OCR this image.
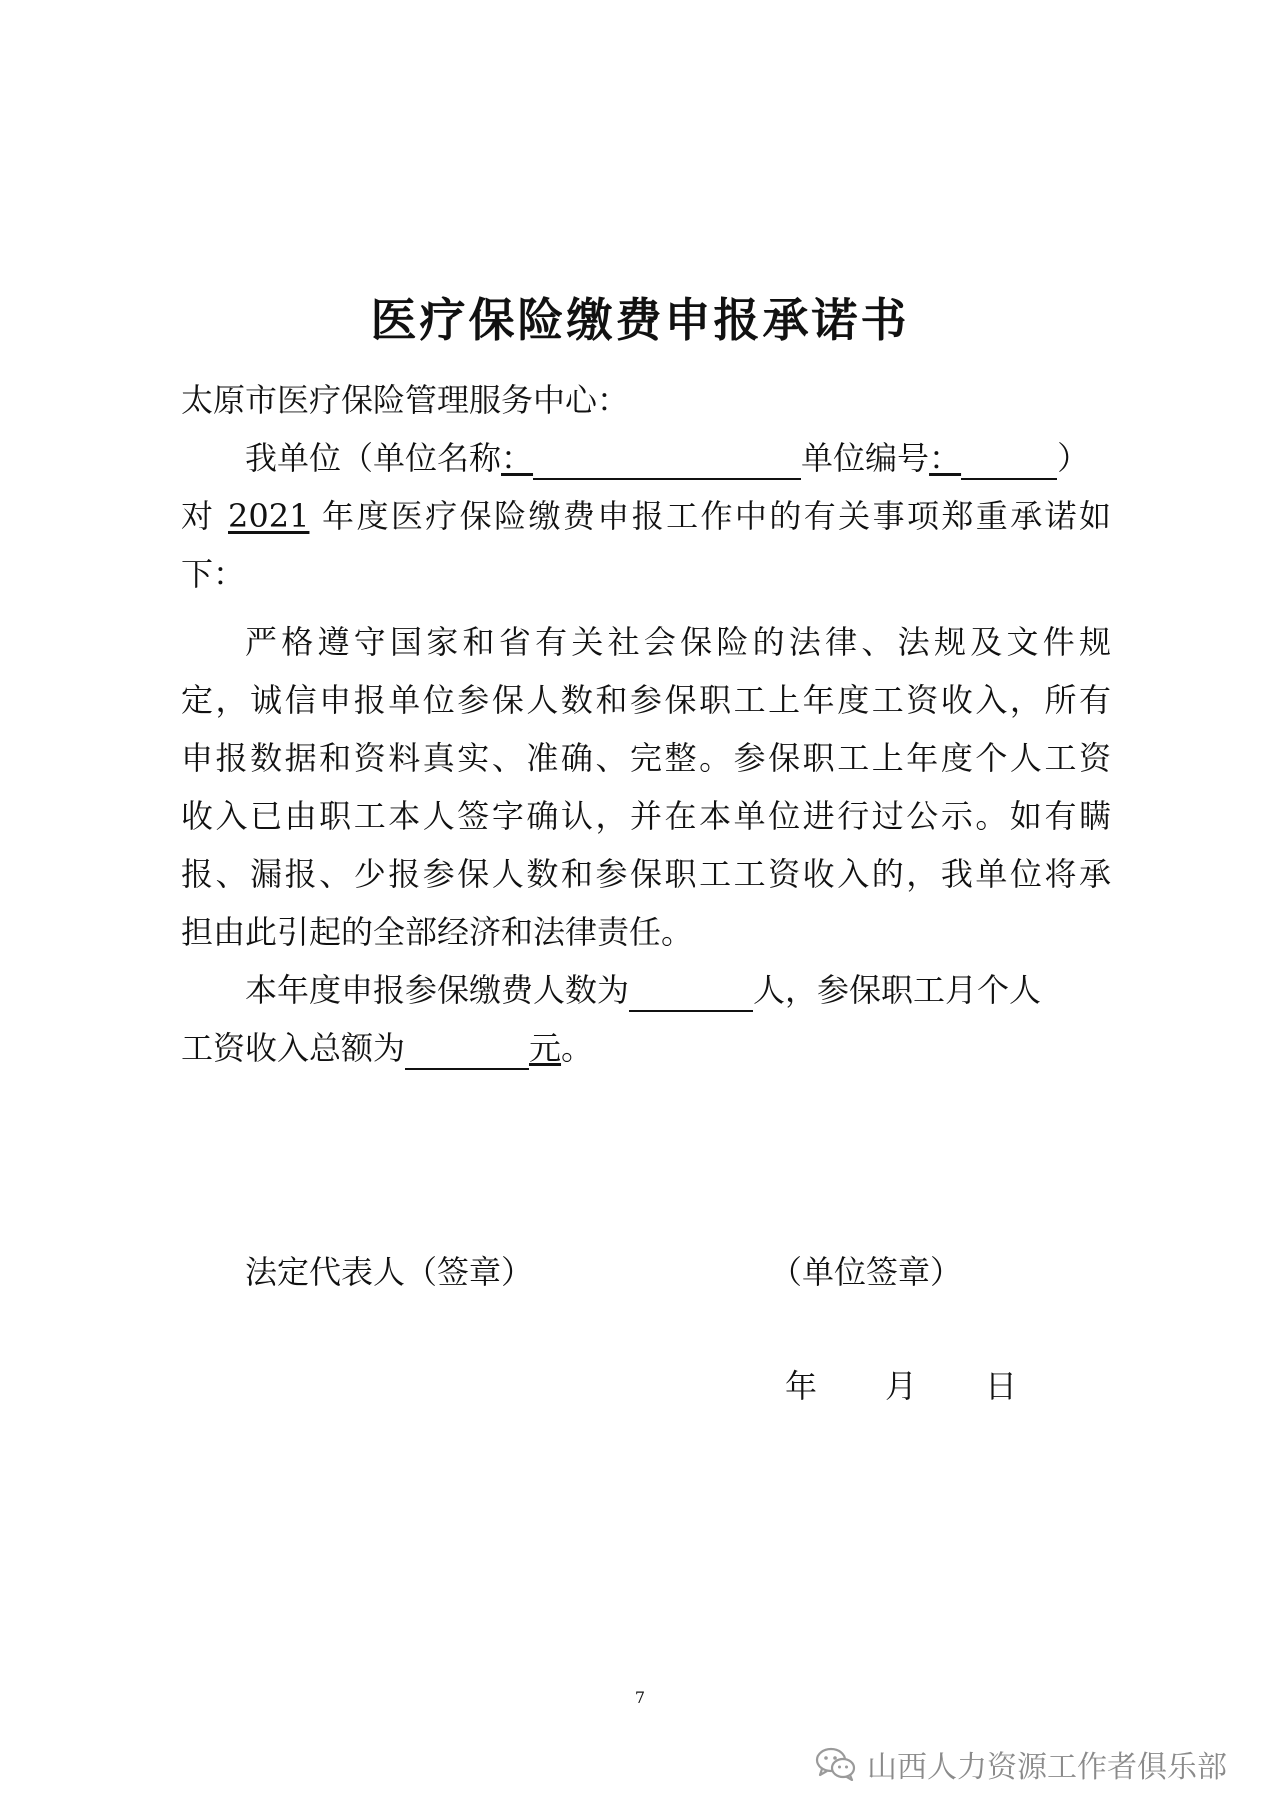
医疗保险缴费申报承诺书
太原市医疗保险管理服务中心：
我单位（单位名称：	单位编号：	）
对 2021 年度医疗保险缴费申报工作中的有关事项郑重承诺如
下：
严格遵守国家和省有关社会保险的法律、法规及文件规
定，诚信申报单位参保人数和参保职工上年度工资收入，所有
申报数据和资料真实、准确、完整。参保职工上年度个人工资
收入已由职工本人签字确认，并在本单位进行过公示。如有瞒
报、漏报、少报参保人数和参保职工工资收入的，我单位将承
担由此引起的全部经济和法律责任。
本年度申报参保缴费人数为	人，参保职工月个人
工资收入总额为	元。
法定代表人（签章）	（单位签章）
年 月 日
7
山西人力资源工作者俱乐部
